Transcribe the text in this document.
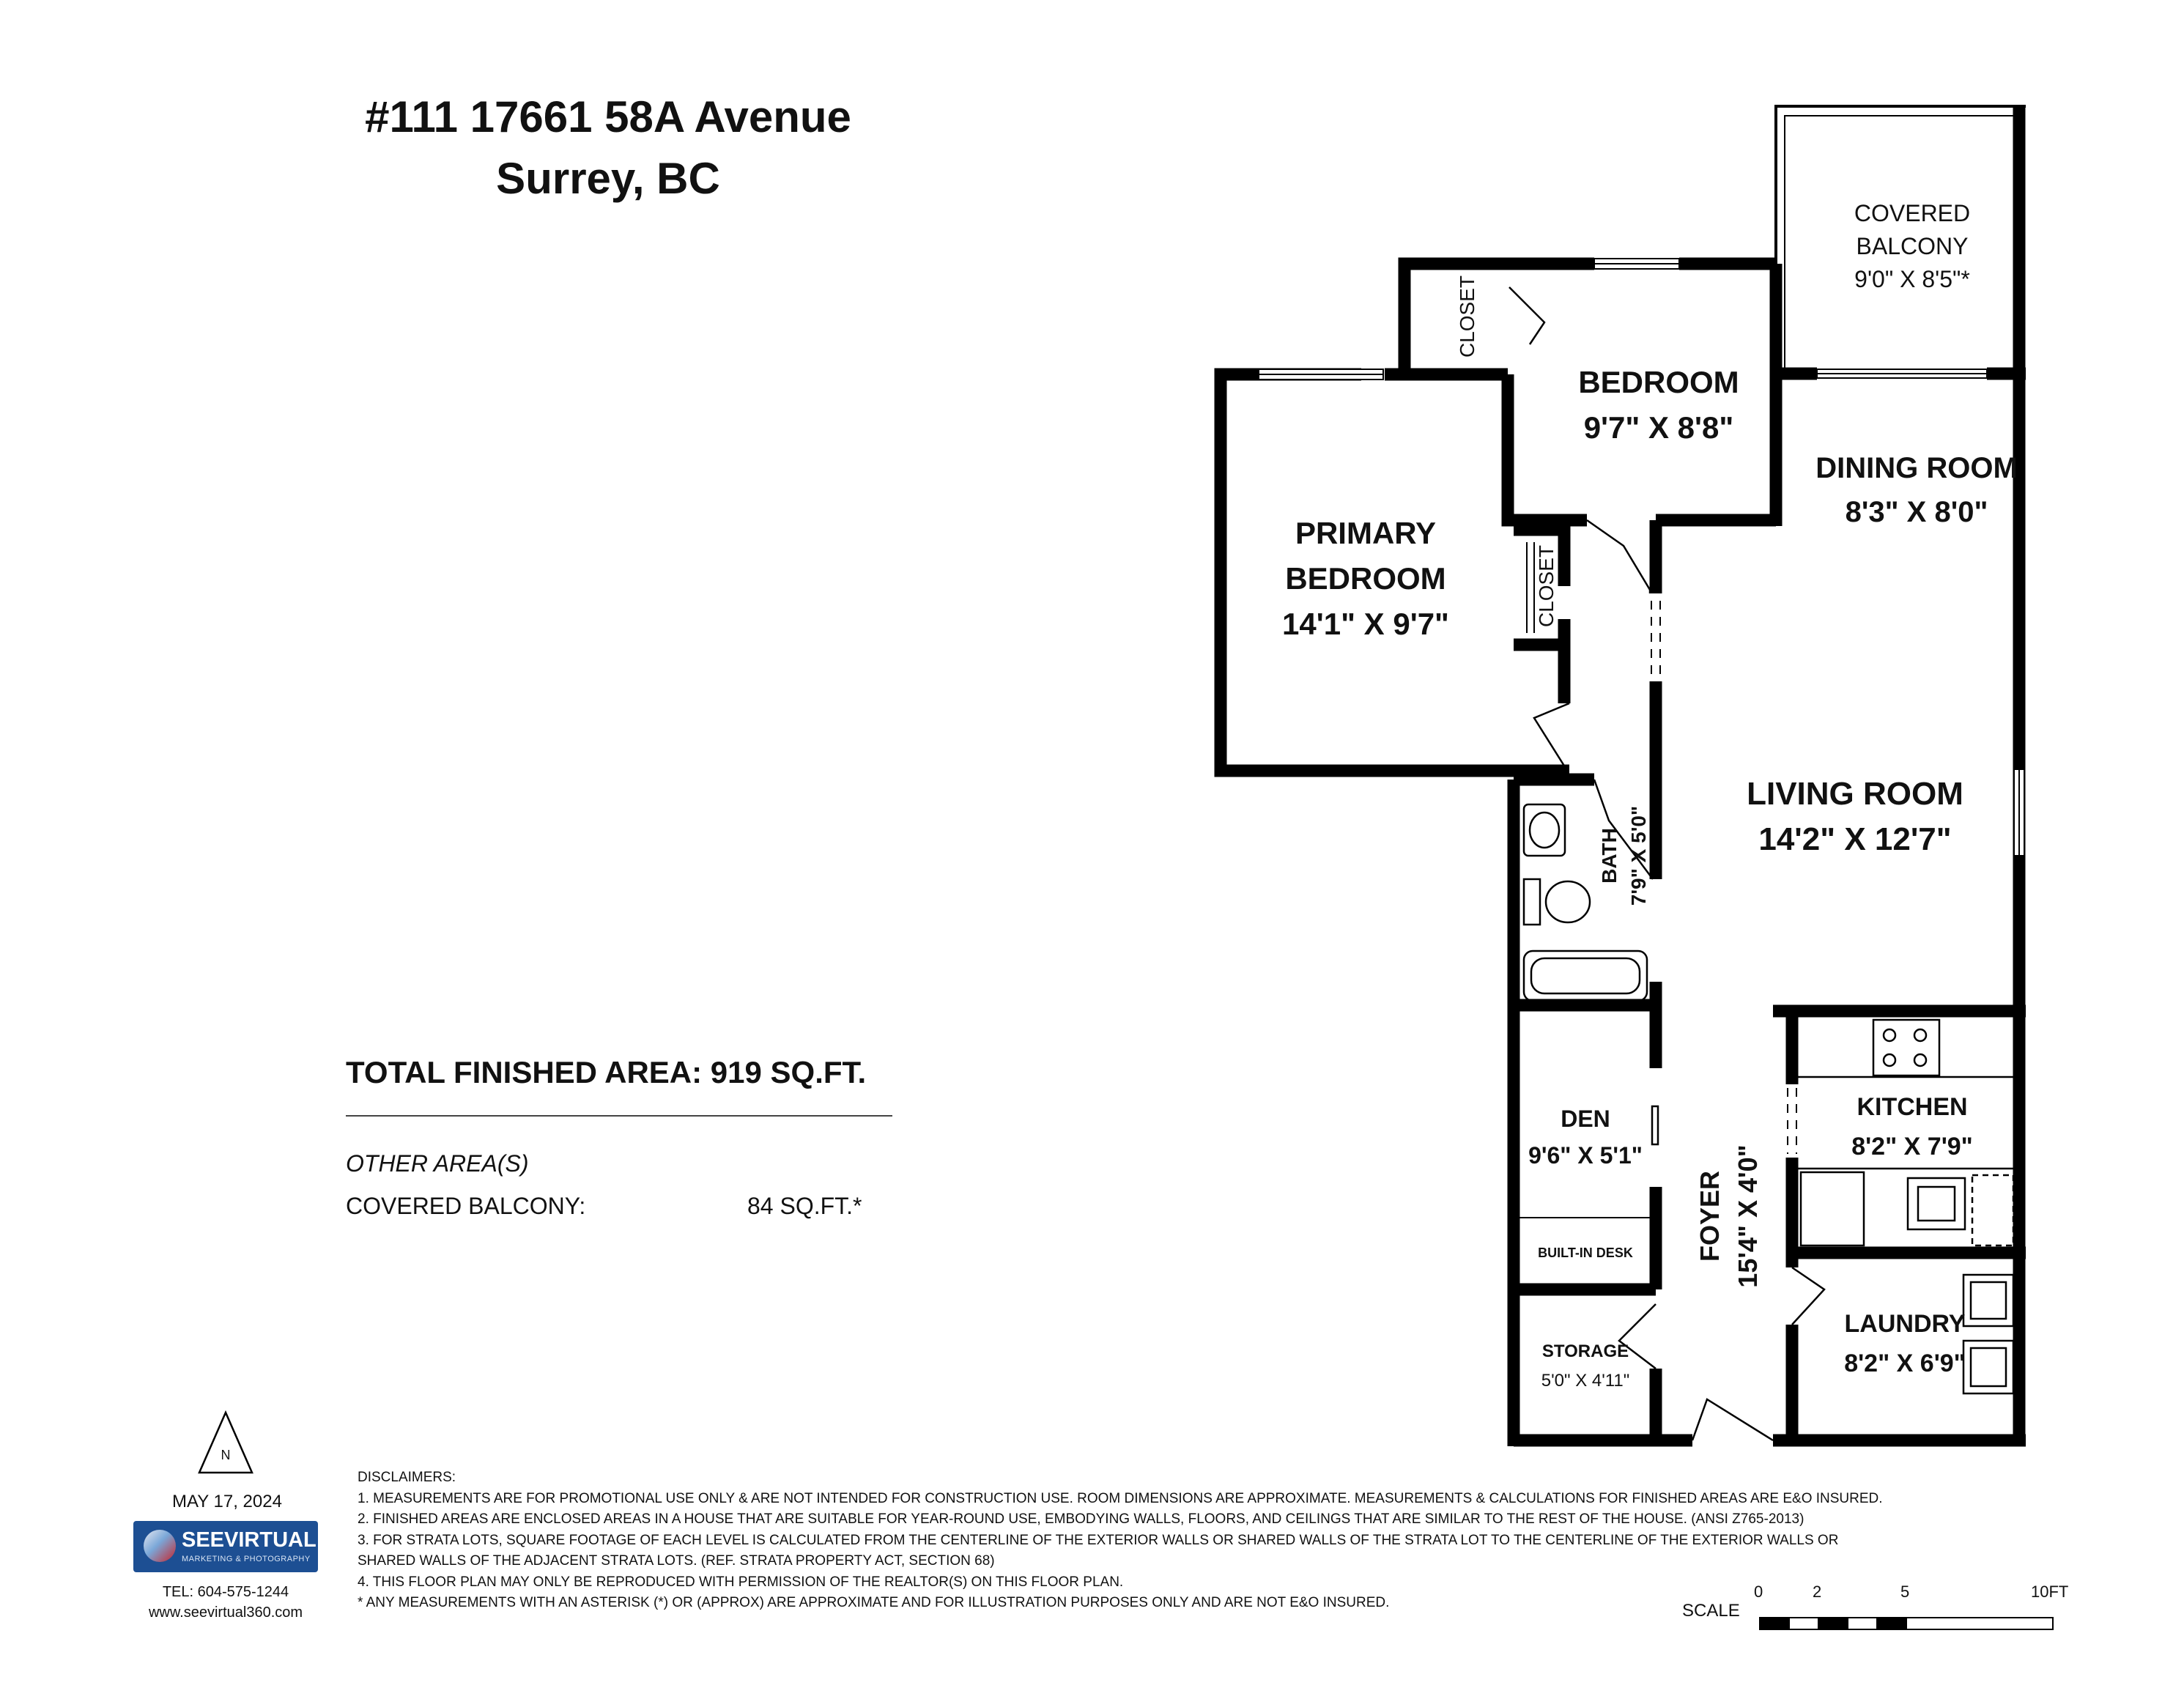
#111 17661 58A Avenue
Surrey, BC
TOTAL FINISHED AREA: 919 SQ.FT.
OTHER AREA(S)
COVERED BALCONY:	84 SQ.FT.*
COVERED
BALCONY
9'0" X 8'5"*
BEDROOM
9'7" X 8'8"
DINING ROOM
8'3" X 8'0"
PRIMARY
BEDROOM
14'1" X 9'7"
LIVING ROOM
14'2" X 12'7"
KITCHEN
8'2" X 7'9"
DEN
9'6" X 5'1"
BUILT-IN DESK
LAUNDRY
8'2" X 6'9"
STORAGE
5'0" X 4'11"
CLOSET
CLOSET
BATH 7'9" X 5'0"
FOYER 15'4" X 4'0"
N
MAY 17, 2024
SEEVIRTUAL
MARKETING & PHOTOGRAPHY
TEL: 604-575-1244
www.seevirtual360.com
DISCLAIMERS:
1. MEASUREMENTS ARE FOR PROMOTIONAL USE ONLY & ARE NOT INTENDED FOR CONSTRUCTION USE. ROOM DIMENSIONS ARE APPROXIMATE. MEASUREMENTS & CALCULATIONS FOR FINISHED AREAS ARE E&O INSURED.
2. FINISHED AREAS ARE ENCLOSED AREAS IN A HOUSE THAT ARE SUITABLE FOR YEAR-ROUND USE, EMBODYING WALLS, FLOORS, AND CEILINGS THAT ARE SIMILAR TO THE REST OF THE HOUSE. (ANSI Z765-2013)
3. FOR STRATA LOTS, SQUARE FOOTAGE OF EACH LEVEL IS CALCULATED FROM THE CENTERLINE OF THE EXTERIOR WALLS OR SHARED WALLS OF THE STRATA LOT TO THE CENTERLINE OF THE EXTERIOR WALLS OR
SHARED WALLS OF THE ADJACENT STRATA LOTS. (REF. STRATA PROPERTY ACT, SECTION 68)
4. THIS FLOOR PLAN MAY ONLY BE REPRODUCED WITH PERMISSION OF THE REALTOR(S) ON THIS FLOOR PLAN.
* ANY MEASUREMENTS WITH AN ASTERISK (*) OR (APPROX) ARE APPROXIMATE AND FOR ILLUSTRATION PURPOSES ONLY AND ARE NOT E&O INSURED.	SCALE
0	2	5	10FT
